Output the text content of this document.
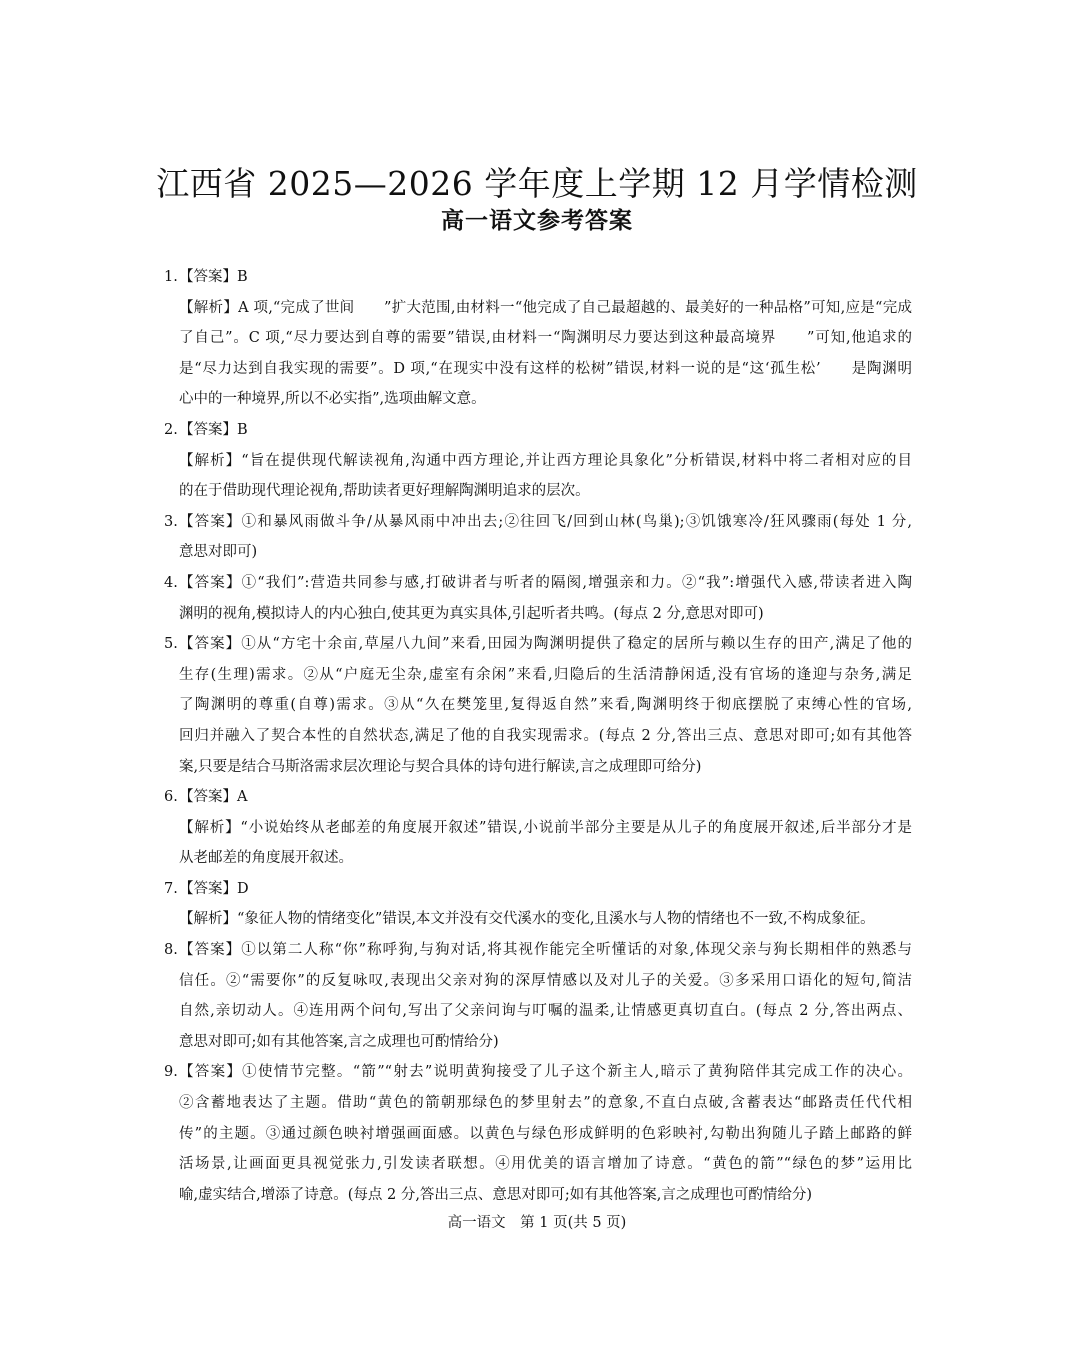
江西省 2025—2026 学年度上学期 12 月学情检测
高一语文参考答案
1. 【答案】B
【解析】A 项,“完成了世间　　”扩大范围,由材料一“他完成了自己最超越的、最美好的一种品格”可知,应是“完成
了自己”。C 项,“尽力要达到自尊的需要”错误,由材料一“陶渊明尽力要达到这种最高境界　　”可知,他追求的
是“尽力达到自我实现的需要”。D 项,“在现实中没有这样的松树”错误,材料一说的是“这‘孤生松’　　是陶渊明
心中的一种境界,所以不必实指”,选项曲解文意。
2. 【答案】B
【解析】“旨在提供现代解读视角,沟通中西方理论,并让西方理论具象化”分析错误,材料中将二者相对应的目
的在于借助现代理论视角,帮助读者更好理解陶渊明追求的层次。
3. 【答案】①和暴风雨做斗争/从暴风雨中冲出去;②往回飞/回到山林(鸟巢);③饥饿寒冷/狂风骤雨(每处 1 分,
意思对即可)
4. 【答案】①“我们”:营造共同参与感,打破讲者与听者的隔阂,增强亲和力。②“我”:增强代入感,带读者进入陶
渊明的视角,模拟诗人的内心独白,使其更为真实具体,引起听者共鸣。(每点 2 分,意思对即可)
5. 【答案】①从“方宅十余亩,草屋八九间”来看,田园为陶渊明提供了稳定的居所与赖以生存的田产,满足了他的
生存(生理)需求。②从“户庭无尘杂,虚室有余闲”来看,归隐后的生活清静闲适,没有官场的逢迎与杂务,满足
了陶渊明的尊重(自尊)需求。③从“久在樊笼里,复得返自然”来看,陶渊明终于彻底摆脱了束缚心性的官场,
回归并融入了契合本性的自然状态,满足了他的自我实现需求。(每点 2 分,答出三点、意思对即可;如有其他答
案,只要是结合马斯洛需求层次理论与契合具体的诗句进行解读,言之成理即可给分)
6. 【答案】A
【解析】“小说始终从老邮差的角度展开叙述”错误,小说前半部分主要是从儿子的角度展开叙述,后半部分才是
从老邮差的角度展开叙述。
7. 【答案】D
【解析】“象征人物的情绪变化”错误,本文并没有交代溪水的变化,且溪水与人物的情绪也不一致,不构成象征。
8. 【答案】①以第二人称“你”称呼狗,与狗对话,将其视作能完全听懂话的对象,体现父亲与狗长期相伴的熟悉与
信任。②“需要你”的反复咏叹,表现出父亲对狗的深厚情感以及对儿子的关爱。③多采用口语化的短句,简洁
自然,亲切动人。④连用两个问句,写出了父亲问询与叮嘱的温柔,让情感更真切直白。(每点 2 分,答出两点、
意思对即可;如有其他答案,言之成理也可酌情给分)
9. 【答案】①使情节完整。“箭”“射去”说明黄狗接受了儿子这个新主人,暗示了黄狗陪伴其完成工作的决心。
②含蓄地表达了主题。借助“黄色的箭朝那绿色的梦里射去”的意象,不直白点破,含蓄表达“邮路责任代代相
传”的主题。③通过颜色映衬增强画面感。以黄色与绿色形成鲜明的色彩映衬,勾勒出狗随儿子踏上邮路的鲜
活场景,让画面更具视觉张力,引发读者联想。④用优美的语言增加了诗意。“黄色的箭”“绿色的梦”运用比
喻,虚实结合,增添了诗意。(每点 2 分,答出三点、意思对即可;如有其他答案,言之成理也可酌情给分)
高一语文　第 1 页(共 5 页)
